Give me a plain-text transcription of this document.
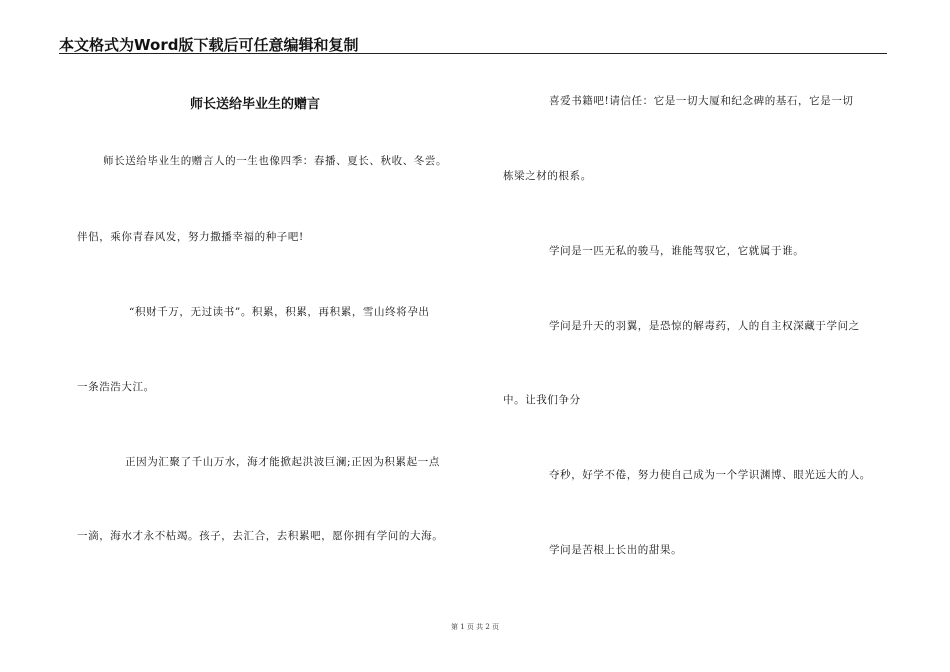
本文格式为Word版下载后可任意编辑和复制
师长送给毕业生的赠言
师长送给毕业生的赠言人的一生也像四季：春播、夏长、秋收、冬尝。
伴侣，乘你青春风发，努力撒播幸福的种子吧!
“积财千万，无过读书”。积累，积累，再积累，雪山终将孕出
一条浩浩大江。
正因为汇聚了千山万水，海才能掀起洪波巨澜;正因为积累起一点
一滴，海水才永不枯竭。孩子，去汇合，去积累吧，愿你拥有学问的大海。
喜爱书籍吧!请信任：它是一切大厦和纪念碑的基石，它是一切
栋梁之材的根系。
学问是一匹无私的骏马，谁能驾驭它，它就属于谁。
学问是升天的羽翼，是恐惊的解毒药，人的自主权深藏于学问之
中。让我们争分
夺秒，好学不倦，努力使自己成为一个学识渊博、眼光远大的人。
学问是苦根上长出的甜果。
第 1 页 共 2 页
